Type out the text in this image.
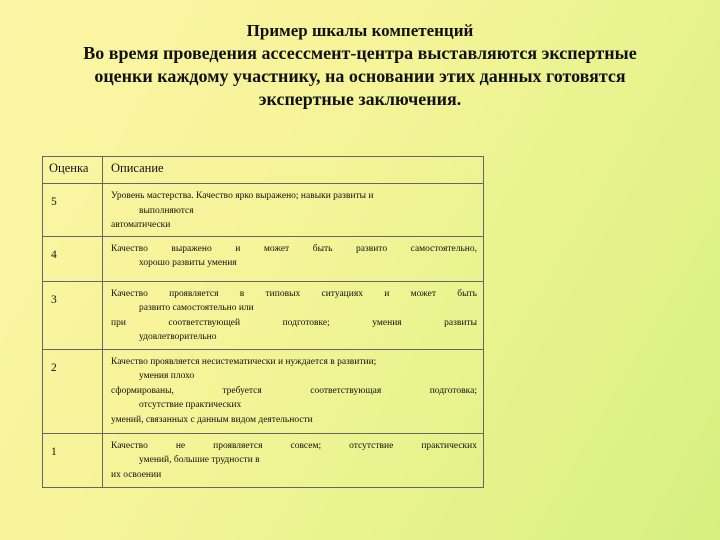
Пример шкалы компетенций
Во время проведения ассессмент-центра выставляются экспертные
оценки каждому участнику, на основании этих данных готовятся
экспертные заключения.
Оценка	Описание
5	Уровень мастерства. Качество ярко выражено; навыки развиты и
выполняются
автоматически

4	Качество выражено и может быть развито самостоятельно,
хорошо развиты умения

3	Качество проявляется в типовых ситуациях и может быть
развито самостоятельно или
при соответствующей подготовке; умения развиты
удовлетворительно

2	Качество проявляется несистематически и нуждается в развитии;
умения плохо
сформированы, требуется соответствующая подготовка;
отсутствие практических
умений, связанных с данным видом деятельности

1	Качество не проявляется совсем; отсутствие практических
умений, большие трудности в
их освоении
